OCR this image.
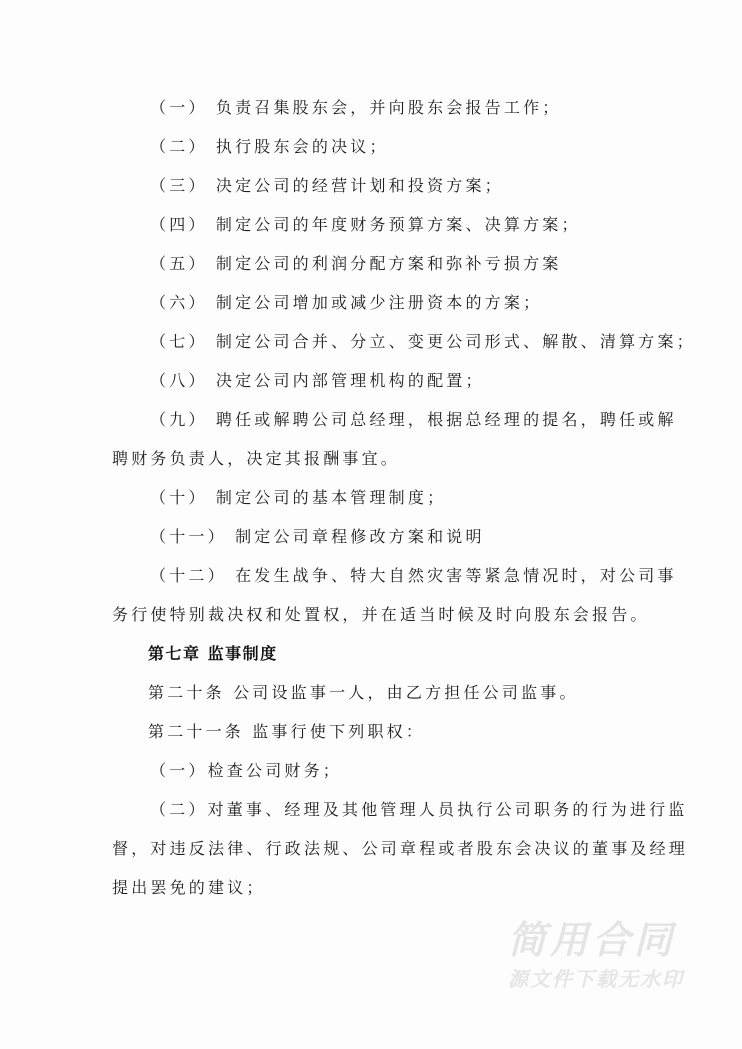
（一） 负责召集股东会，并向股东会报告工作；
（二） 执行股东会的决议；
（三） 决定公司的经营计划和投资方案；
（四） 制定公司的年度财务预算方案、决算方案；
（五） 制定公司的利润分配方案和弥补亏损方案
（六） 制定公司增加或减少注册资本的方案；
（七） 制定公司合并、分立、变更公司形式、解散、清算方案；
（八） 决定公司内部管理机构的配置；
（九） 聘任或解聘公司总经理，根据总经理的提名，聘任或解
聘财务负责人，决定其报酬事宜。
（十） 制定公司的基本管理制度；
（十一） 制定公司章程修改方案和说明
（十二） 在发生战争、特大自然灾害等紧急情况时，对公司事
务行使特别裁决权和处置权，并在适当时候及时向股东会报告。
第七章 监事制度
第二十条 公司设监事一人，由乙方担任公司监事。
第二十一条 监事行使下列职权：
（一）检查公司财务；
（二）对董事、经理及其他管理人员执行公司职务的行为进行监
督，对违反法律、行政法规、公司章程或者股东会决议的董事及经理
提出罢免的建议；
简用合同
源文件下载无水印
